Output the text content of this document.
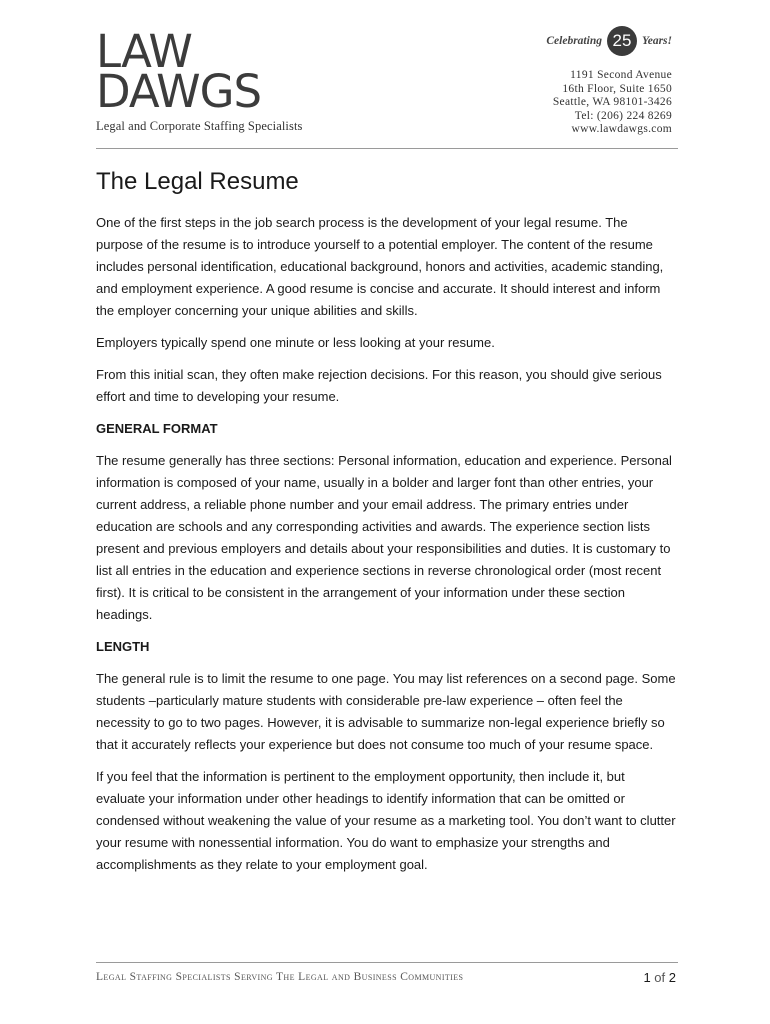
LAW
DAWGS
Legal and Corporate Staffing Specialists
Celebrating 25 Years!
1191 Second Avenue
16th Floor, Suite 1650
Seattle, WA 98101-3426
Tel: (206) 224 8269
www.lawdawgs.com
The Legal Resume

One of the first steps in the job search process is the development of your legal resume. The purpose of the resume is to introduce yourself to a potential employer. The content of the resume includes personal identification, educational background, honors and activities, academic standing, and employment experience. A good resume is concise and accurate. It should interest and inform the employer concerning your unique abilities and skills.

Employers typically spend one minute or less looking at your resume.

From this initial scan, they often make rejection decisions. For this reason, you should give serious effort and time to developing your resume.

GENERAL FORMAT

The resume generally has three sections: Personal information, education and experience. Personal information is composed of your name, usually in a bolder and larger font than other entries, your current address, a reliable phone number and your email address. The primary entries under education are schools and any corresponding activities and awards. The experience section lists present and previous employers and details about your responsibilities and duties. It is customary to list all entries in the education and experience sections in reverse chronological order (most recent first). It is critical to be consistent in the arrangement of your information under these section headings.

LENGTH

The general rule is to limit the resume to one page. You may list references on a second page. Some students –particularly mature students with considerable pre-law experience – often feel the necessity to go to two pages. However, it is advisable to summarize non-legal experience briefly so that it accurately reflects your experience but does not consume too much of your resume space.

If you feel that the information is pertinent to the employment opportunity, then include it, but evaluate your information under other headings to identify information that can be omitted or condensed without weakening the value of your resume as a marketing tool. You don’t want to clutter your resume with nonessential information. You do want to emphasize your strengths and accomplishments as they relate to your employment goal.

Legal Staffing Specialists Serving The Legal and Business Communities	1 of 2
